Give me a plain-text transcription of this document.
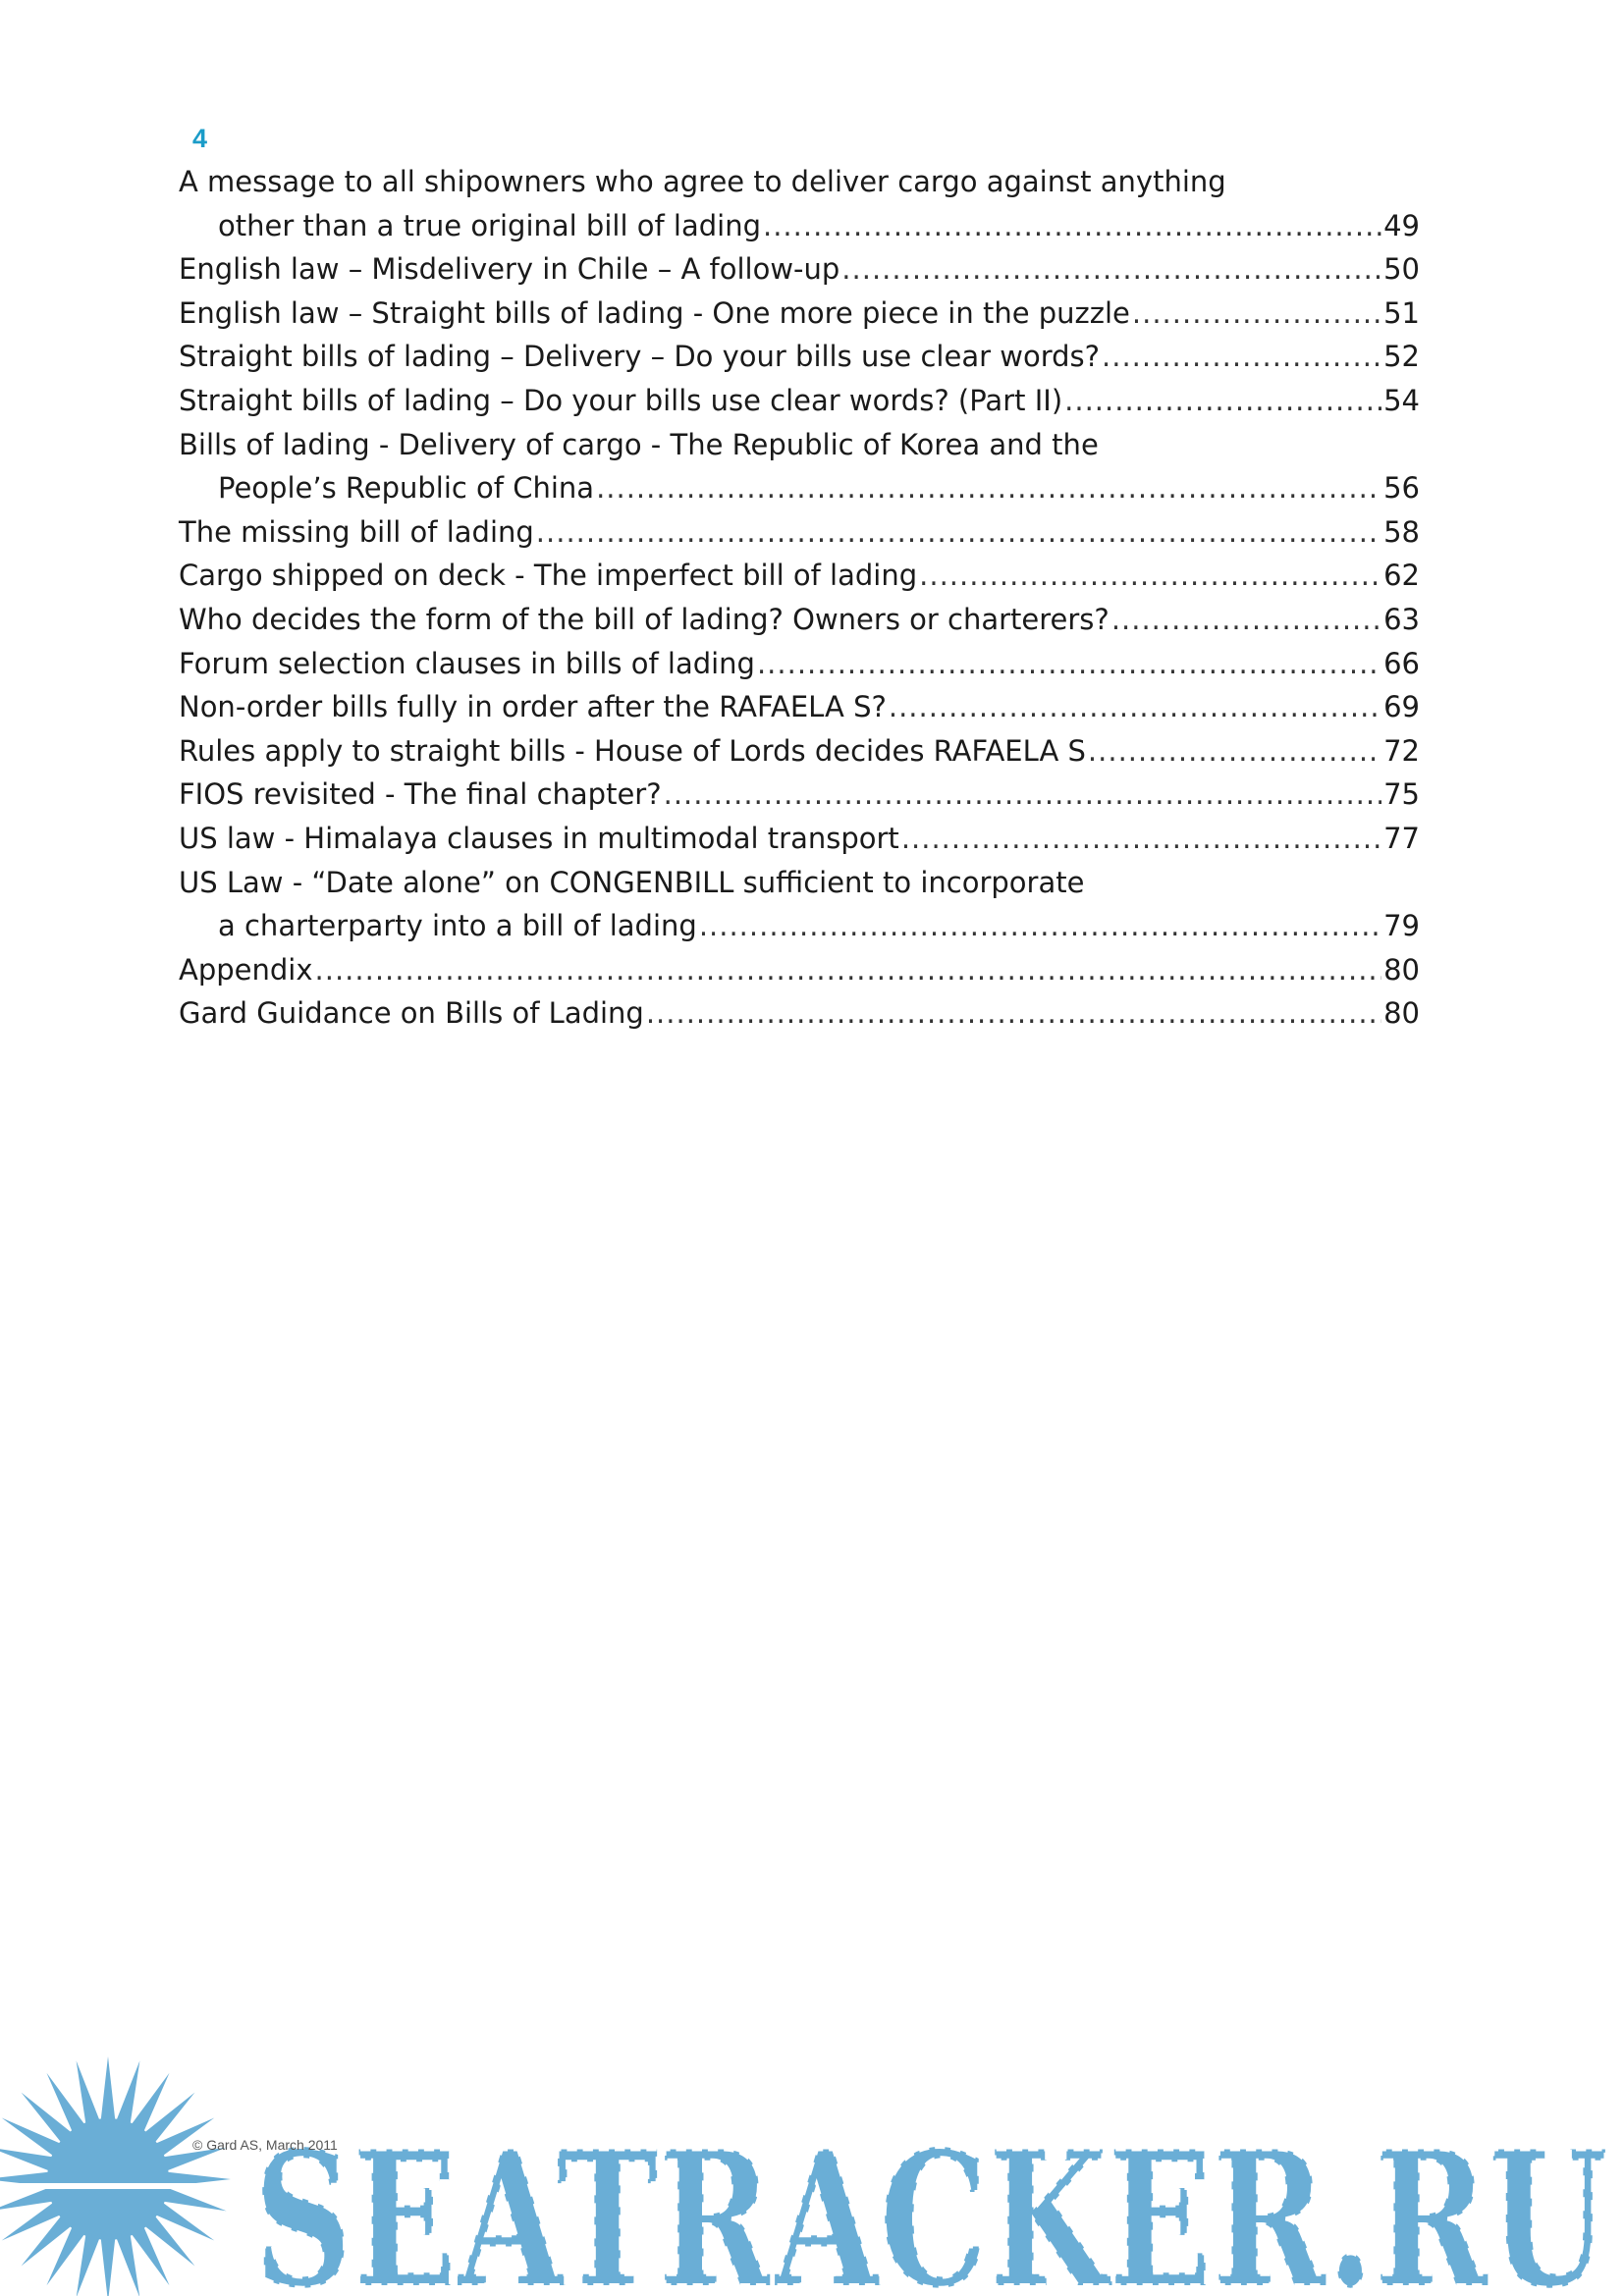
4
A message to all shipowners who agree to deliver cargo against anything
other than a true original bill of lading .....	49
English law – Misdelivery in Chile – A follow-up .....	50
English law – Straight bills of lading - One more piece in the puzzle .....	51
Straight bills of lading – Delivery – Do your bills use clear words? .....	52
Straight bills of lading – Do your bills use clear words? (Part II) .....	54
Bills of lading - Delivery of cargo - The Republic of Korea and the
People’s Republic of China .....	56
The missing bill of lading .....	58
Cargo shipped on deck - The imperfect bill of lading .....	62
Who decides the form of the bill of lading? Owners or charterers? .....	63
Forum selection clauses in bills of lading .....	66
Non-order bills fully in order after the RAFAELA S? .....	69
Rules apply to straight bills - House of Lords decides RAFAELA S .....	72
FIOS revisited - The final chapter? .....	75
US law - Himalaya clauses in multimodal transport .....	77
US Law - “Date alone” on CONGENBILL sufficient to incorporate
a charterparty into a bill of lading .....	79
Appendix .....	80
Gard Guidance on Bills of Lading .....	80
SEATRACKER.RU
© Gard AS, March 2011
